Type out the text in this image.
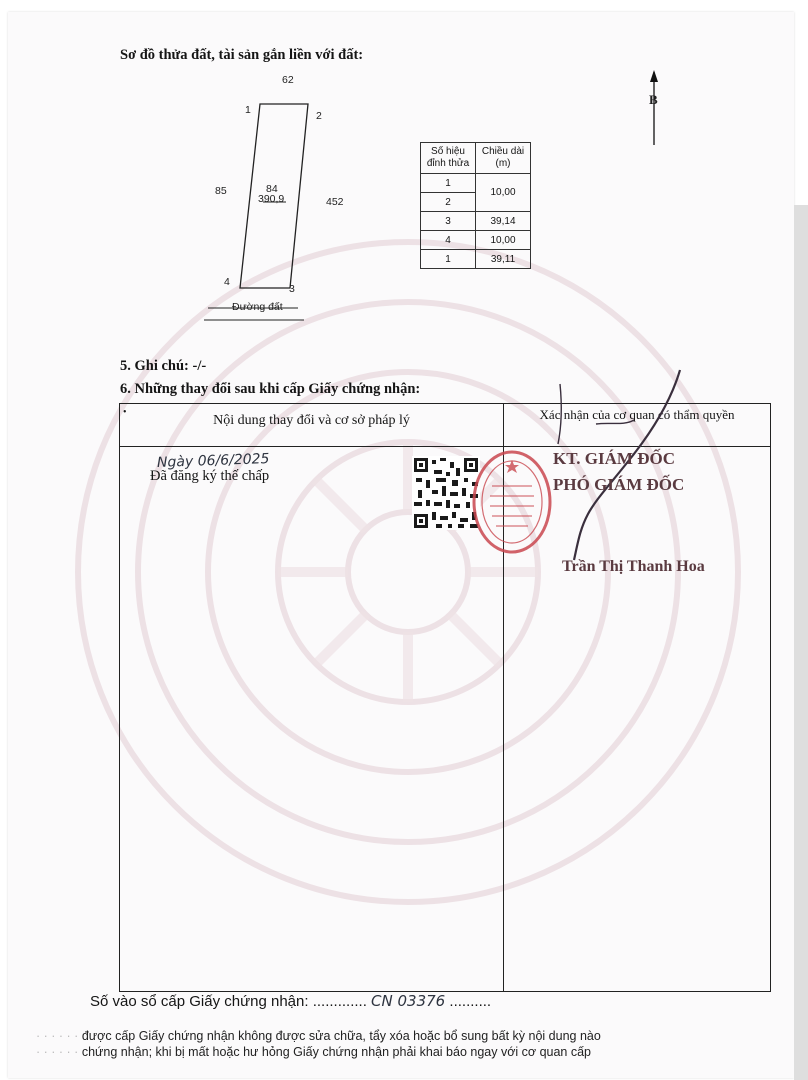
Sơ đồ thửa đất, tài sản gắn liền với đất:
62
85
452
84
390,9
Đường đất
1	2
3
4
B
Số hiệu đỉnh thửa	Chiều dài (m)
1	10,00
2	
3	39,14
4	10,00
1	39,11
5. Ghi chú: -/-
6. Những thay đổi sau khi cấp Giấy chứng nhận:
•
Nội dung thay đổi và cơ sở pháp lý	Xác nhận của cơ quan có thẩm quyền
Ngày 06/6/2025
Đã đăng ký thế chấp
KT. GIÁM ĐỐC
PHÓ GIÁM ĐỐC
Trần Thị Thanh Hoa
Số vào sổ cấp Giấy chứng nhận: ............. CN 03376 ..........
· · · · · · được cấp Giấy chứng nhận không được sửa chữa, tẩy xóa hoặc bổ sung bất kỳ nội dung nào
· · · · · · chứng nhận; khi bị mất hoặc hư hỏng Giấy chứng nhận phải khai báo ngay với cơ quan cấp
